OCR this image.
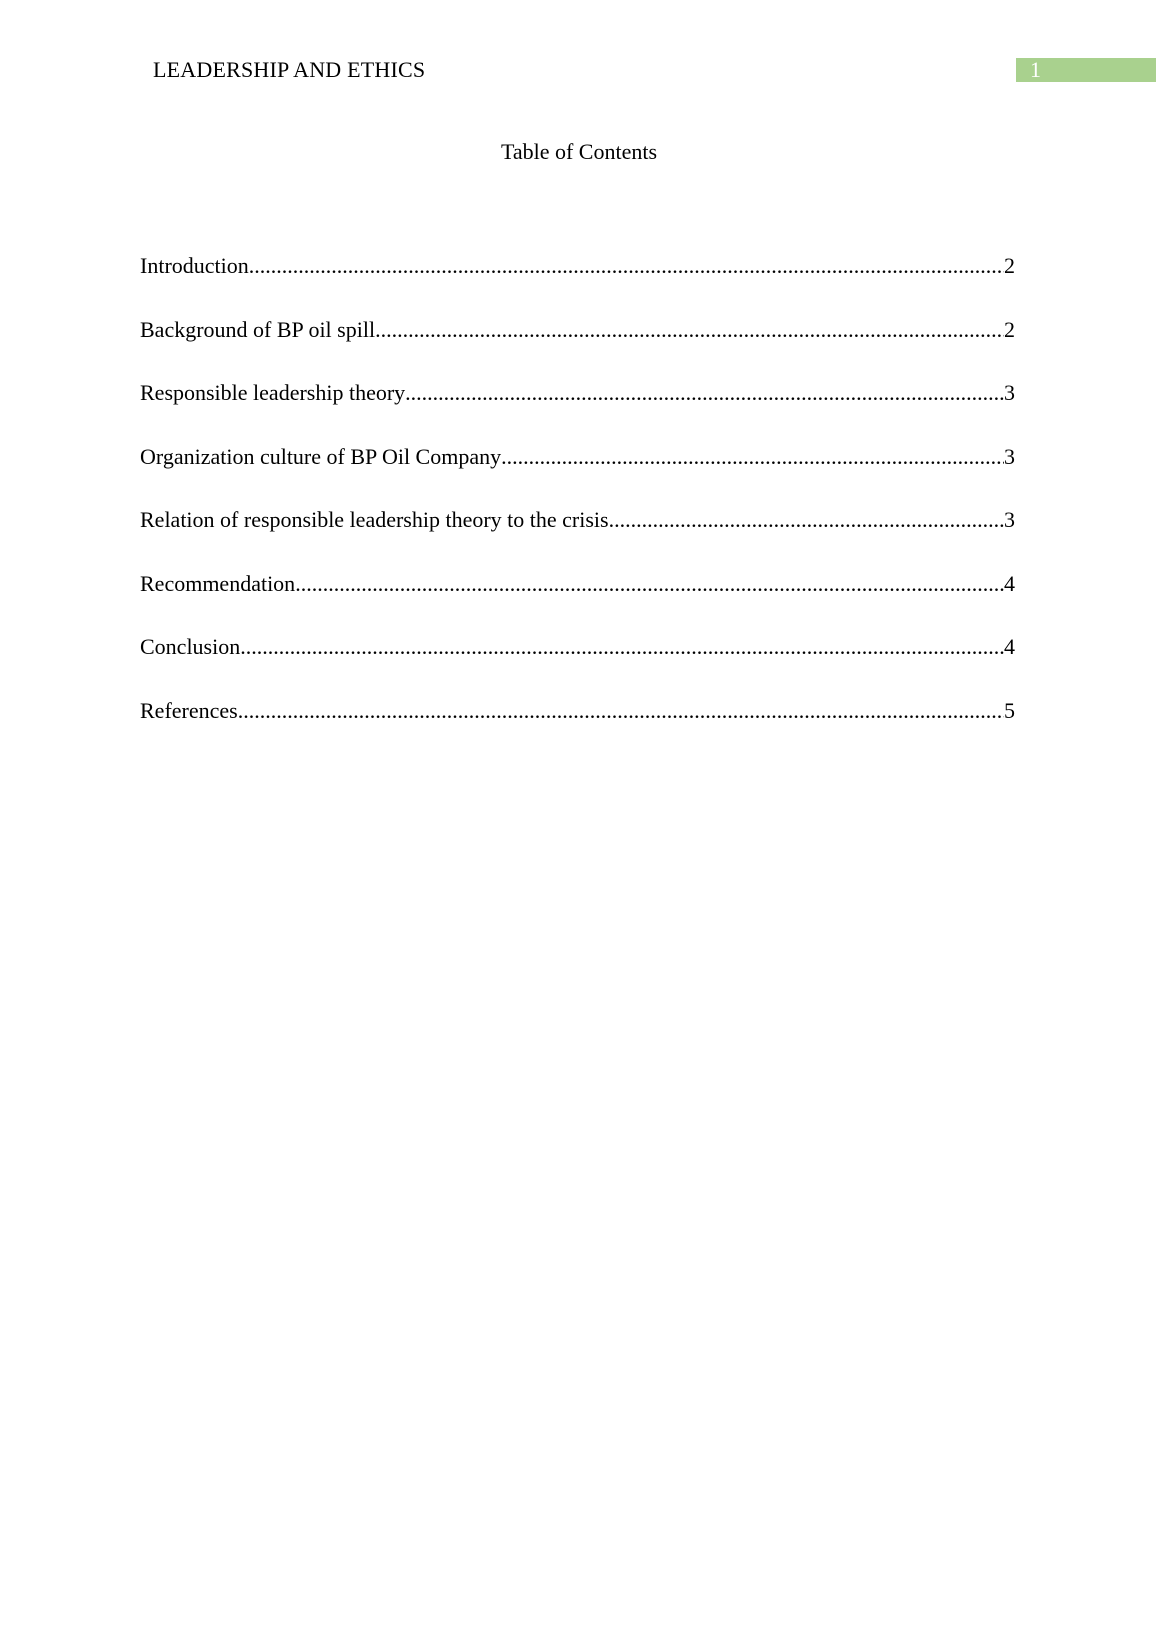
LEADERSHIP AND ETHICS	1
Table of Contents
Introduction .....	2
Background of BP oil spill .....	2
Responsible leadership theory .....	3
Organization culture of BP Oil Company .....	3
Relation of responsible leadership theory to the crisis .....	3
Recommendation .....	4
Conclusion .....	4
References .....	5
